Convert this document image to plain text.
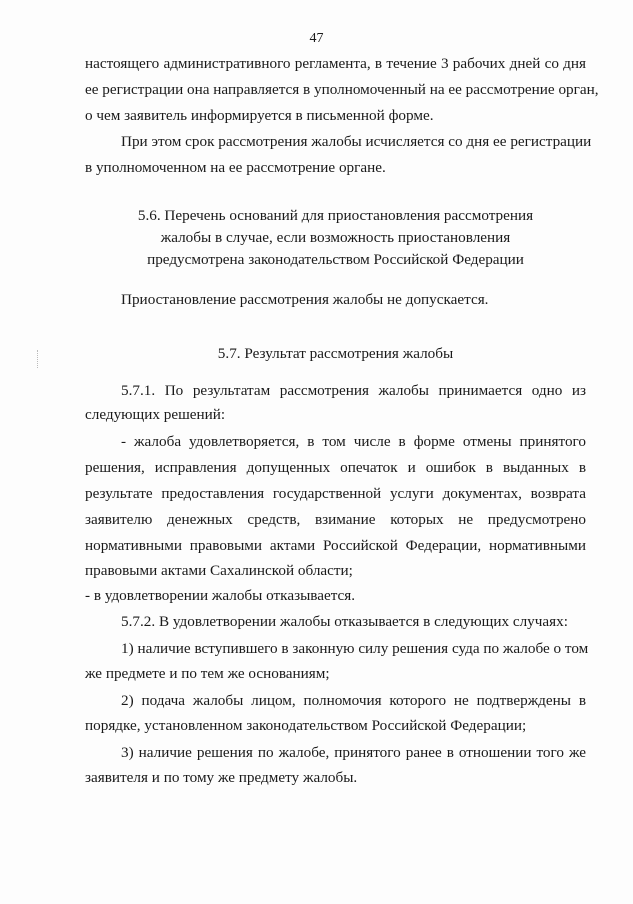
47
настоящего административного регламента, в течение 3 рабочих дней со дня
ее регистрации она направляется в уполномоченный на ее рассмотрение орган,
о чем заявитель информируется в письменной форме.
При этом срок рассмотрения жалобы исчисляется со дня ее регистрации
в уполномоченном на ее рассмотрение органе.
5.6. Перечень оснований для приостановления рассмотрения
жалобы в случае, если возможность приостановления
предусмотрена законодательством Российской Федерации
Приостановление рассмотрения жалобы не допускается.
5.7. Результат рассмотрения жалобы
5.7.1. По результатам рассмотрения жалобы принимается одно из
следующих решений:
- жалоба удовлетворяется, в том числе в форме отмены принятого
решения, исправления допущенных опечаток и ошибок в выданных в
результате предоставления государственной услуги документах, возврата
заявителю денежных средств, взимание которых не предусмотрено
нормативными правовыми актами Российской Федерации, нормативными
правовыми актами Сахалинской области;
- в удовлетворении жалобы отказывается.
5.7.2. В удовлетворении жалобы отказывается в следующих случаях:
1) наличие вступившего в законную силу решения суда по жалобе о том
же предмете и по тем же основаниям;
2) подача жалобы лицом, полномочия которого не подтверждены в
порядке, установленном законодательством Российской Федерации;
3) наличие решения по жалобе, принятого ранее в отношении того же
заявителя и по тому же предмету жалобы.
